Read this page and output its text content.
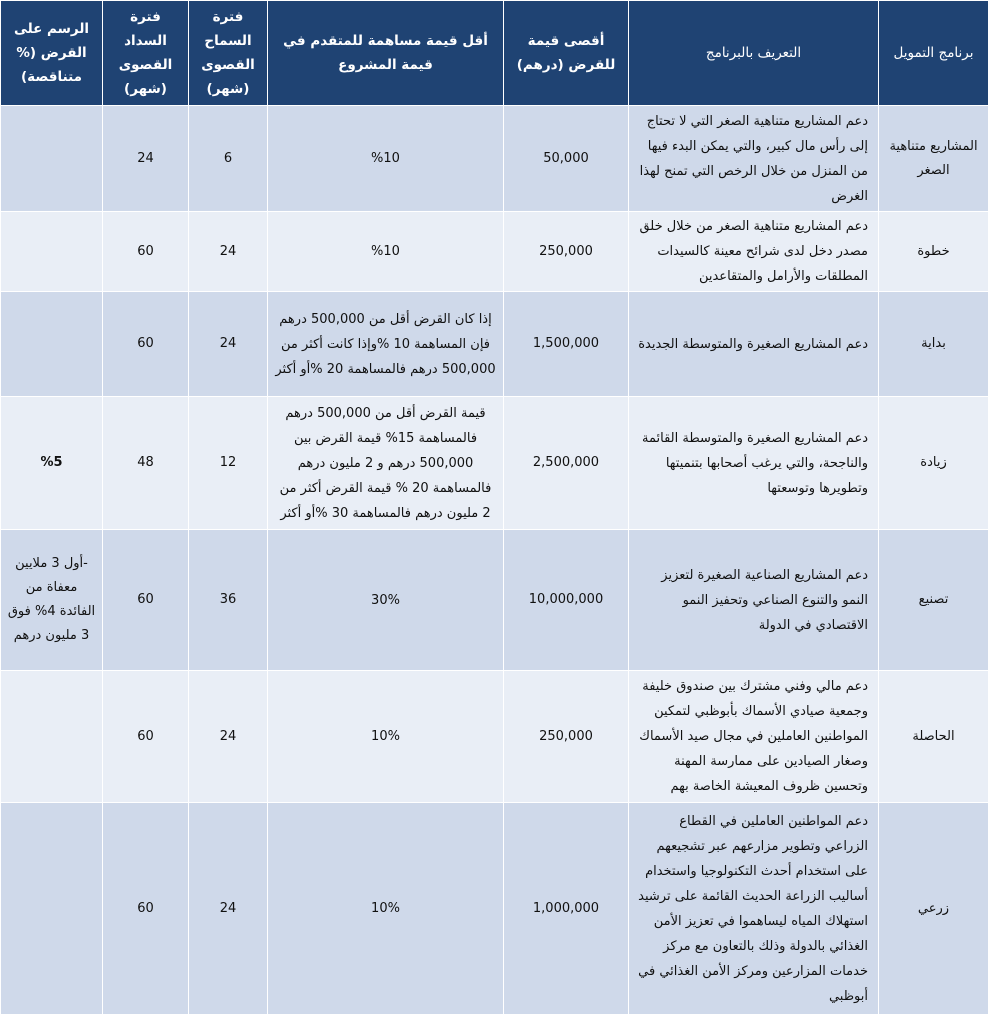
برنامج التمويل	التعريف بالبرنامج	أقصى قيمة للقرض (درهم)	أقل قيمة مساهمة للمتقدم في قيمة المشروع	فترة السماح القصوى (شهر)	فترة السداد القصوى (شهر)	الرسم على القرض (% متناقصة)
المشاريع متناهية الصغر	دعم المشاريع متناهية الصغر التي لا تحتاج إلى رأس مال كبير، والتي يمكن البدء فيها من المنزل من خلال الرخص التي تمنح لهذا الغرض	50,000	%10	6	24	
خطوة	دعم المشاريع متناهية الصغر من خلال خلق مصدر دخل لدى شرائح معينة كالسيدات المطلقات والأرامل والمتقاعدين	250,000	%10	24	60	
بداية	دعم المشاريع الصغيرة والمتوسطة الجديدة	1,500,000	إذا كان القرض أقل من 500,000 درهم فإن المساهمة 10 %وإذا كانت أكثر من 500,000 درهم فالمساهمة 20 %أو أكثر	24	60	
زيادة	دعم المشاريع الصغيرة والمتوسطة القائمة والناجحة، والتي يرغب أصحابها بتنميتها وتطويرها وتوسعتها	2,500,000	قيمة القرض أقل من 500,000 درهم فالمساهمة 15% قيمة القرض بين 500,000 درهم و 2 مليون درهم فالمساهمة 20 % قيمة القرض أكثر من 2 مليون درهم فالمساهمة 30 %أو أكثر	12	48	%5
تصنيع	دعم المشاريع الصناعية الصغيرة لتعزيز النمو والتنوع الصناعي وتحفيز النمو الاقتصادي في الدولة	10,000,000	30%	36	60	-أول 3 ملايين معفاة من الفائدة 4% فوق 3 مليون درهم
الحاصلة	دعم مالي وفني مشترك بين صندوق خليفة وجمعية صيادي الأسماك بأبوظبي لتمكين المواطنين العاملين في مجال صيد الأسماك وصغار الصيادين على ممارسة المهنة وتحسين ظروف المعيشة الخاصة بهم	250,000	10%	24	60	
زرعي	دعم المواطنين العاملين في القطاع الزراعي وتطوير مزارعهم عبر تشجيعهم على استخدام أحدث التكنولوجيا واستخدام أساليب الزراعة الحديث القائمة على ترشيد استهلاك المياه ليساهموا في تعزيز الأمن الغذائي بالدولة وذلك بالتعاون مع مركز خدمات المزارعين ومركز الأمن الغذائي في أبوظبي	1,000,000	10%	24	60	
